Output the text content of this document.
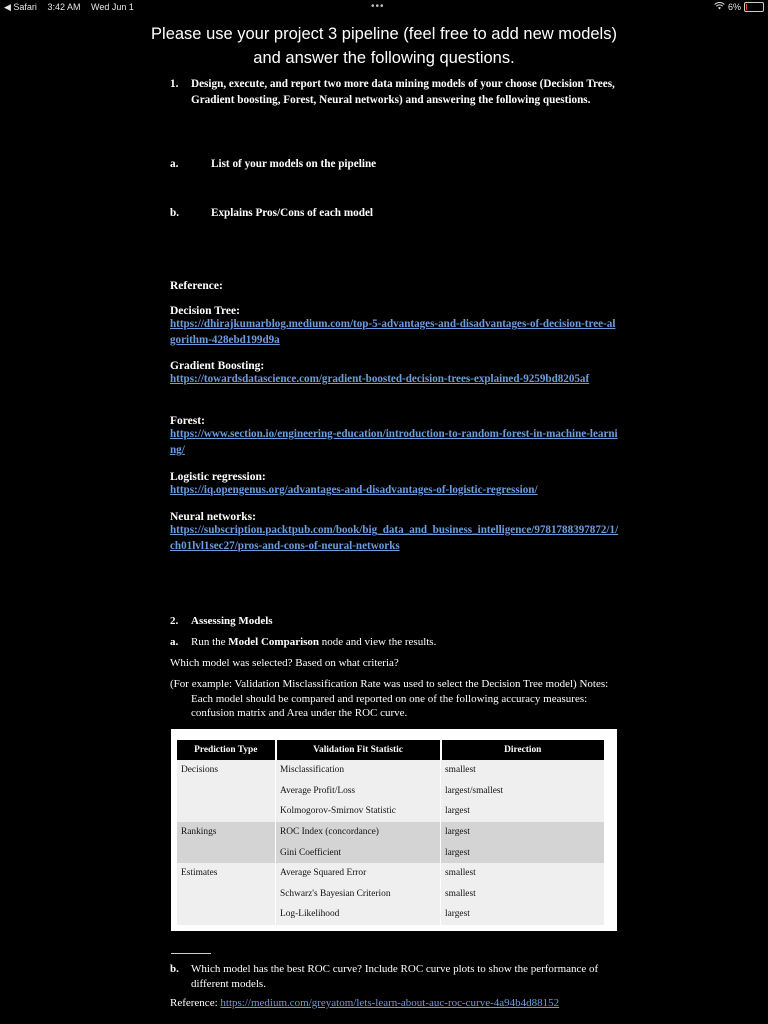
◀ Safari 3:42 AM Wed Jun 1	•••	6%
Please use your project 3 pipeline (feel free to add new models)
and answer the following questions.
1. Design, execute, and report two more data mining models of your choose (Decision Trees, Gradient boosting, Forest, Neural networks) and answering the following questions.
a.	List of your models on the pipeline
b.	Explains Pros/Cons of each model
Reference:
Decision Tree:
https://dhirajkumarblog.medium.com/top-5-advantages-and-disadvantages-of-decision-tree-algorithm-428ebd199d9a
Gradient Boosting:
https://towardsdatascience.com/gradient-boosted-decision-trees-explained-9259bd8205af
Forest:
https://www.section.io/engineering-education/introduction-to-random-forest-in-machine-learning/
Logistic regression:
https://iq.opengenus.org/advantages-and-disadvantages-of-logistic-regression/
Neural networks:
https://subscription.packtpub.com/book/big_data_and_business_intelligence/9781788397872/1/ch01lvl1sec27/pros-and-cons-of-neural-networks
2. Assessing Models
a. Run the Model Comparison node and view the results.
Which model was selected? Based on what criteria?
(For example: Validation Misclassification Rate was used to select the Decision Tree model) Notes: Each model should be compared and reported on one of the following accuracy measures: confusion matrix and Area under the ROC curve.
Prediction Type	Validation Fit Statistic	Direction
Decisions	Misclassification	smallest
	Average Profit/Loss	largest/smallest
	Kolmogorov-Smirnov Statistic	largest
Rankings	ROC Index (concordance)	largest
	Gini Coefficient	largest
Estimates	Average Squared Error	smallest
	Schwarz's Bayesian Criterion	smallest
	Log-Likelihood	largest
b. Which model has the best ROC curve? Include ROC curve plots to show the performance of different models.
Reference: https://medium.com/greyatom/lets-learn-about-auc-roc-curve-4a94b4d88152
